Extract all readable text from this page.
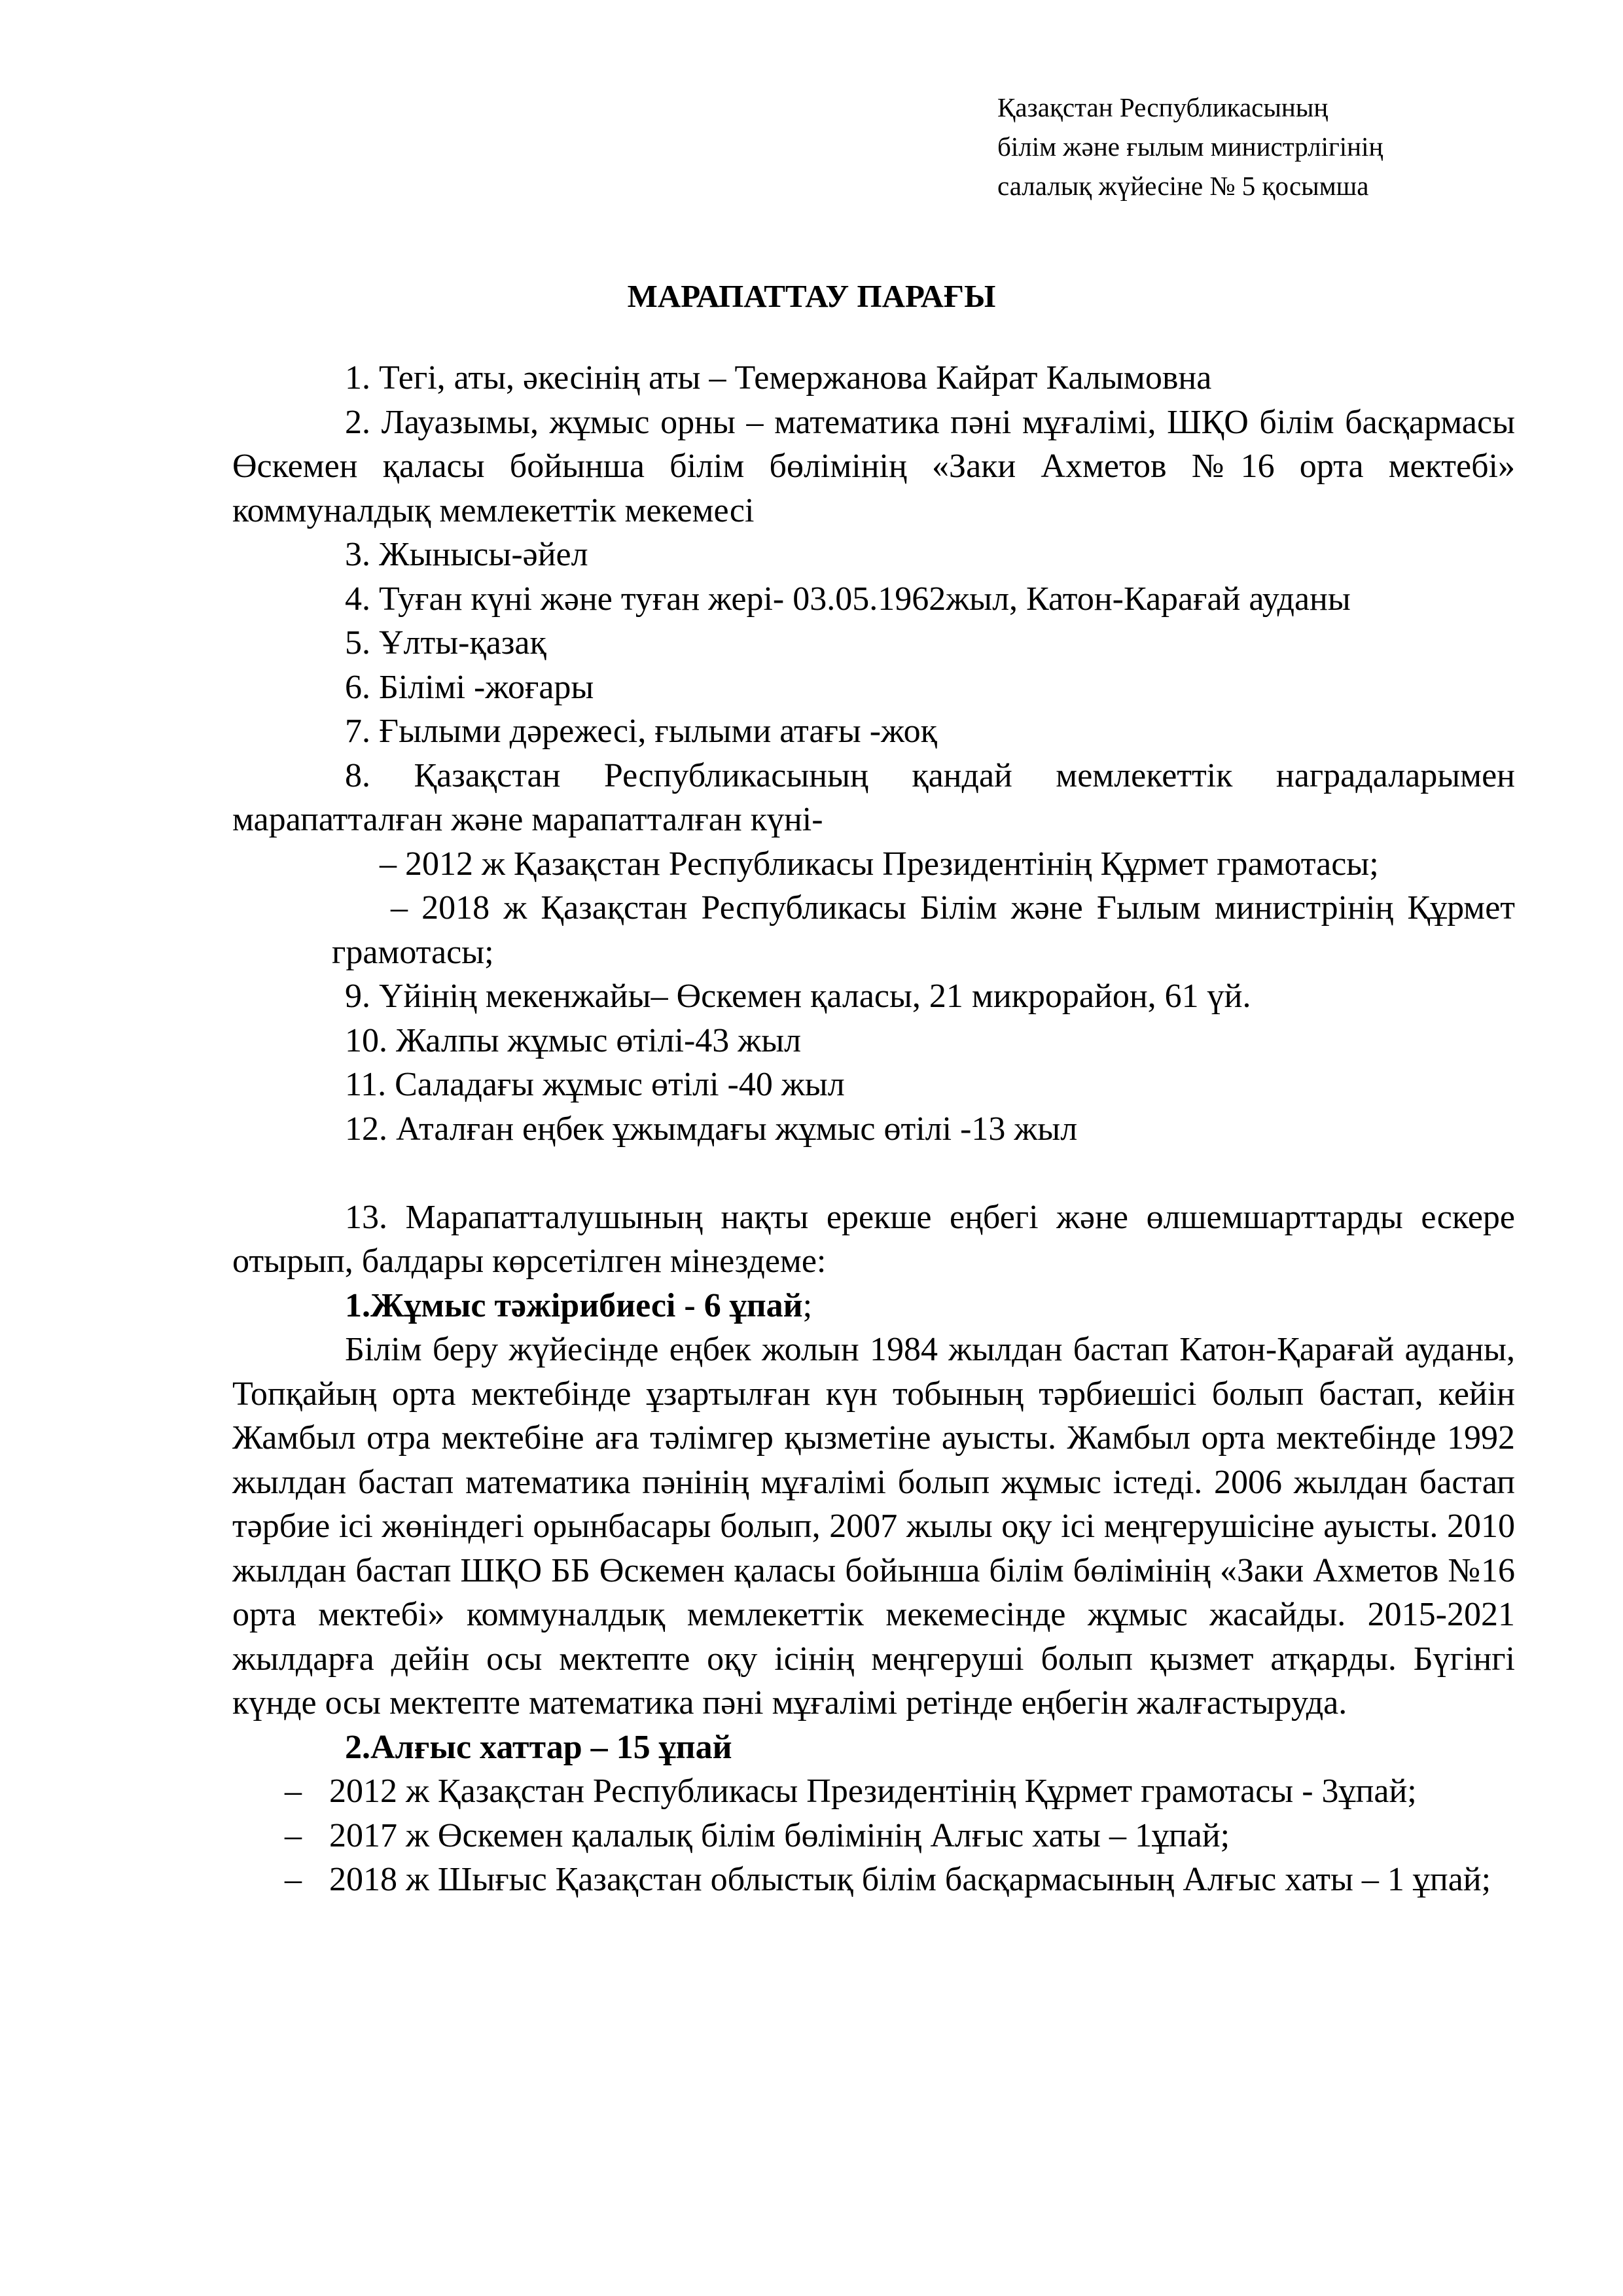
Қазақстан Республикасының
білім және ғылым министрлігінің
салалық жүйесіне № 5 қосымша
МАРАПАТТАУ ПАРАҒЫ

1. Тегі, аты, әкесінің аты – Темержанова Кайрат Калымовна

2. Лауазымы, жұмыс орны – математика пәні мұғалімі, ШҚО білім басқармасы Өскемен қаласы бойынша білім бөлімінің «Заки Ахметов №16 орта мектебі» коммуналдық мемлекеттік мекемесі

3. Жынысы-әйел

4. Туған күні және туған жері- 03.05.1962жыл, Катон-Карағай ауданы

5. Ұлты-қазақ

6. Білімі -жоғары

7. Ғылыми дәрежесі, ғылыми атағы -жоқ

8. Қазақстан Республикасының қандай мемлекеттік наградаларымен марапатталған және марапатталған күні-

– 2012 ж Қазақстан Республикасы Президентінің Құрмет грамотасы;

– 2018 ж Қазақстан Республикасы Білім және Ғылым министрінің Құрмет грамотасы;

9. Үйінің мекенжайы– Өскемен қаласы, 21 микрорайон, 61 үй.

10. Жалпы жұмыс өтілі-43 жыл

11. Саладағы жұмыс өтілі -40 жыл

12. Аталған еңбек ұжымдағы жұмыс өтілі -13 жыл

13. Марапатталушының нақты ерекше еңбегі және өлшемшарттарды ескере отырып, балдары көрсетілген мінездеме:

1.Жұмыс тәжірибиесі - 6 ұпай;

Білім беру жүйесінде еңбек жолын 1984 жылдан бастап Катон-Қарағай ауданы, Топқайың орта мектебінде ұзартылған күн тобының тәрбиешісі болып бастап, кейін Жамбыл отра мектебіне аға тәлімгер қызметіне ауысты. Жамбыл орта мектебінде 1992 жылдан бастап математика пәнінің мұғалімі болып жұмыс істеді. 2006 жылдан бастап тәрбие ісі жөніндегі орынбасары болып, 2007 жылы оқу ісі меңгерушісіне ауысты. 2010 жылдан бастап ШҚО ББ Өскемен қаласы бойынша білім бөлімінің «Заки Ахметов №16 орта мектебі» коммуналдық мемлекеттік мекемесінде жұмыс жасайды. 2015-2021 жылдарға дейін осы мектепте оқу ісінің меңгеруші болып қызмет атқарды. Бүгінгі күнде осы мектепте математика пәні мұғалімі ретінде еңбегін жалғастыруда.

2.Алғыс хаттар – 15 ұпай

– 2012 ж Қазақстан Республикасы Президентінің Құрмет грамотасы - 3ұпай;
– 2017 ж Өскемен қалалық білім бөлімінің Алғыс хаты – 1ұпай;
– 2018 ж Шығыс Қазақстан облыстық білім басқармасының Алғыс хаты – 1 ұпай;
